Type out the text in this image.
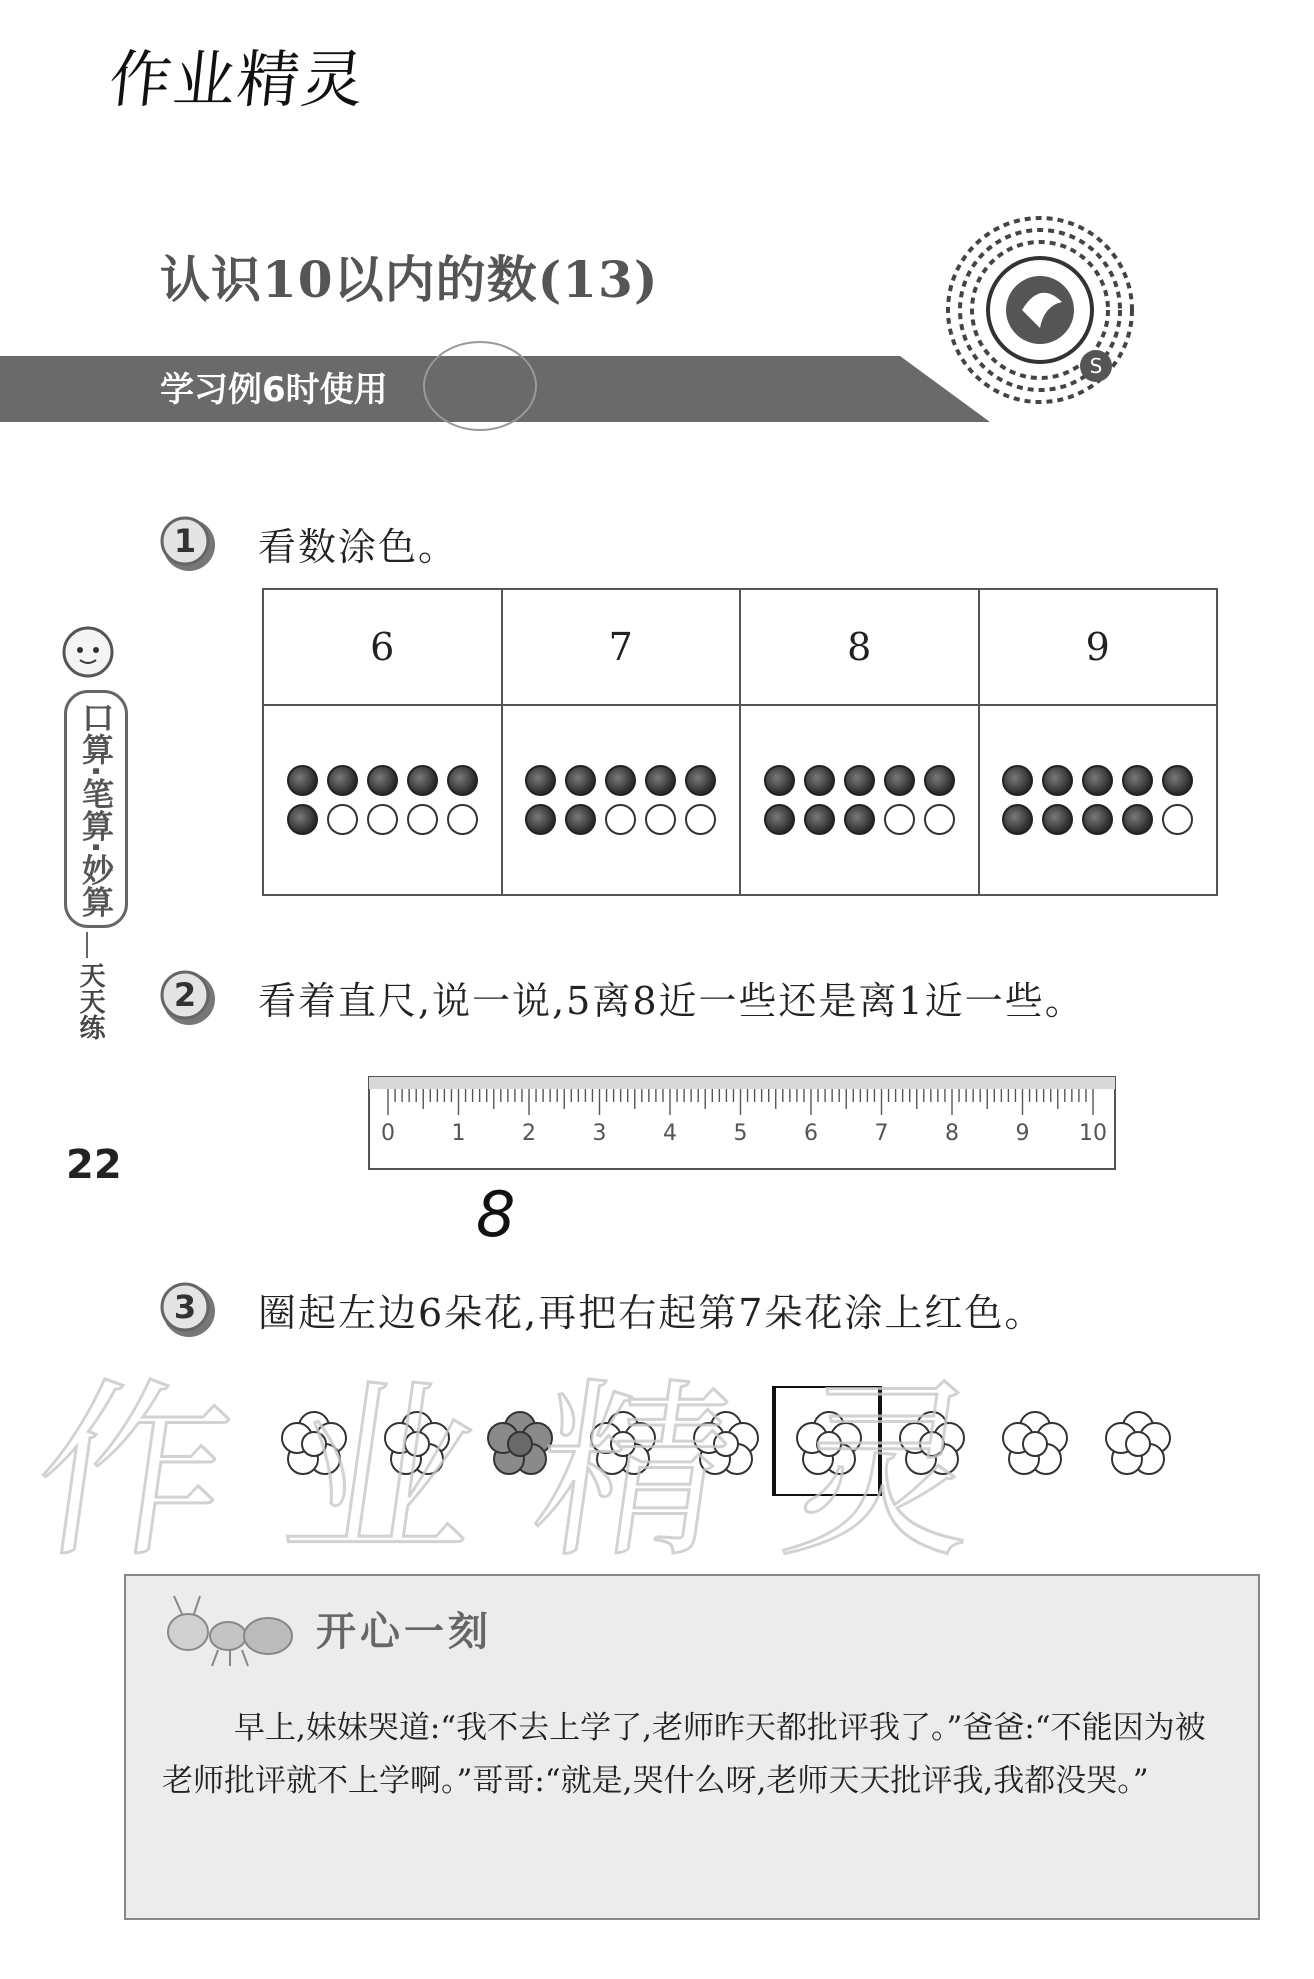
作业精灵
认识10以内的数(13)
S
学习例6时使用
口算·笔算·妙算
天天练
22
1 看数涂色。
6	7	8	9

2 看着直尺,说一说,5离8近一些还是离1近一些。
0	1	2	3	4	5	6	7	8	9 10
8
3 圈起左边6朵花,再把右起第7朵花涂上红色。
开心一刻
早上,妹妹哭道:“我不去上学了,老师昨天都批评我了。”爸爸:“不能因为被老师批评就不上学啊。”哥哥:“就是,哭什么呀,老师天天批评我,我都没哭。”
